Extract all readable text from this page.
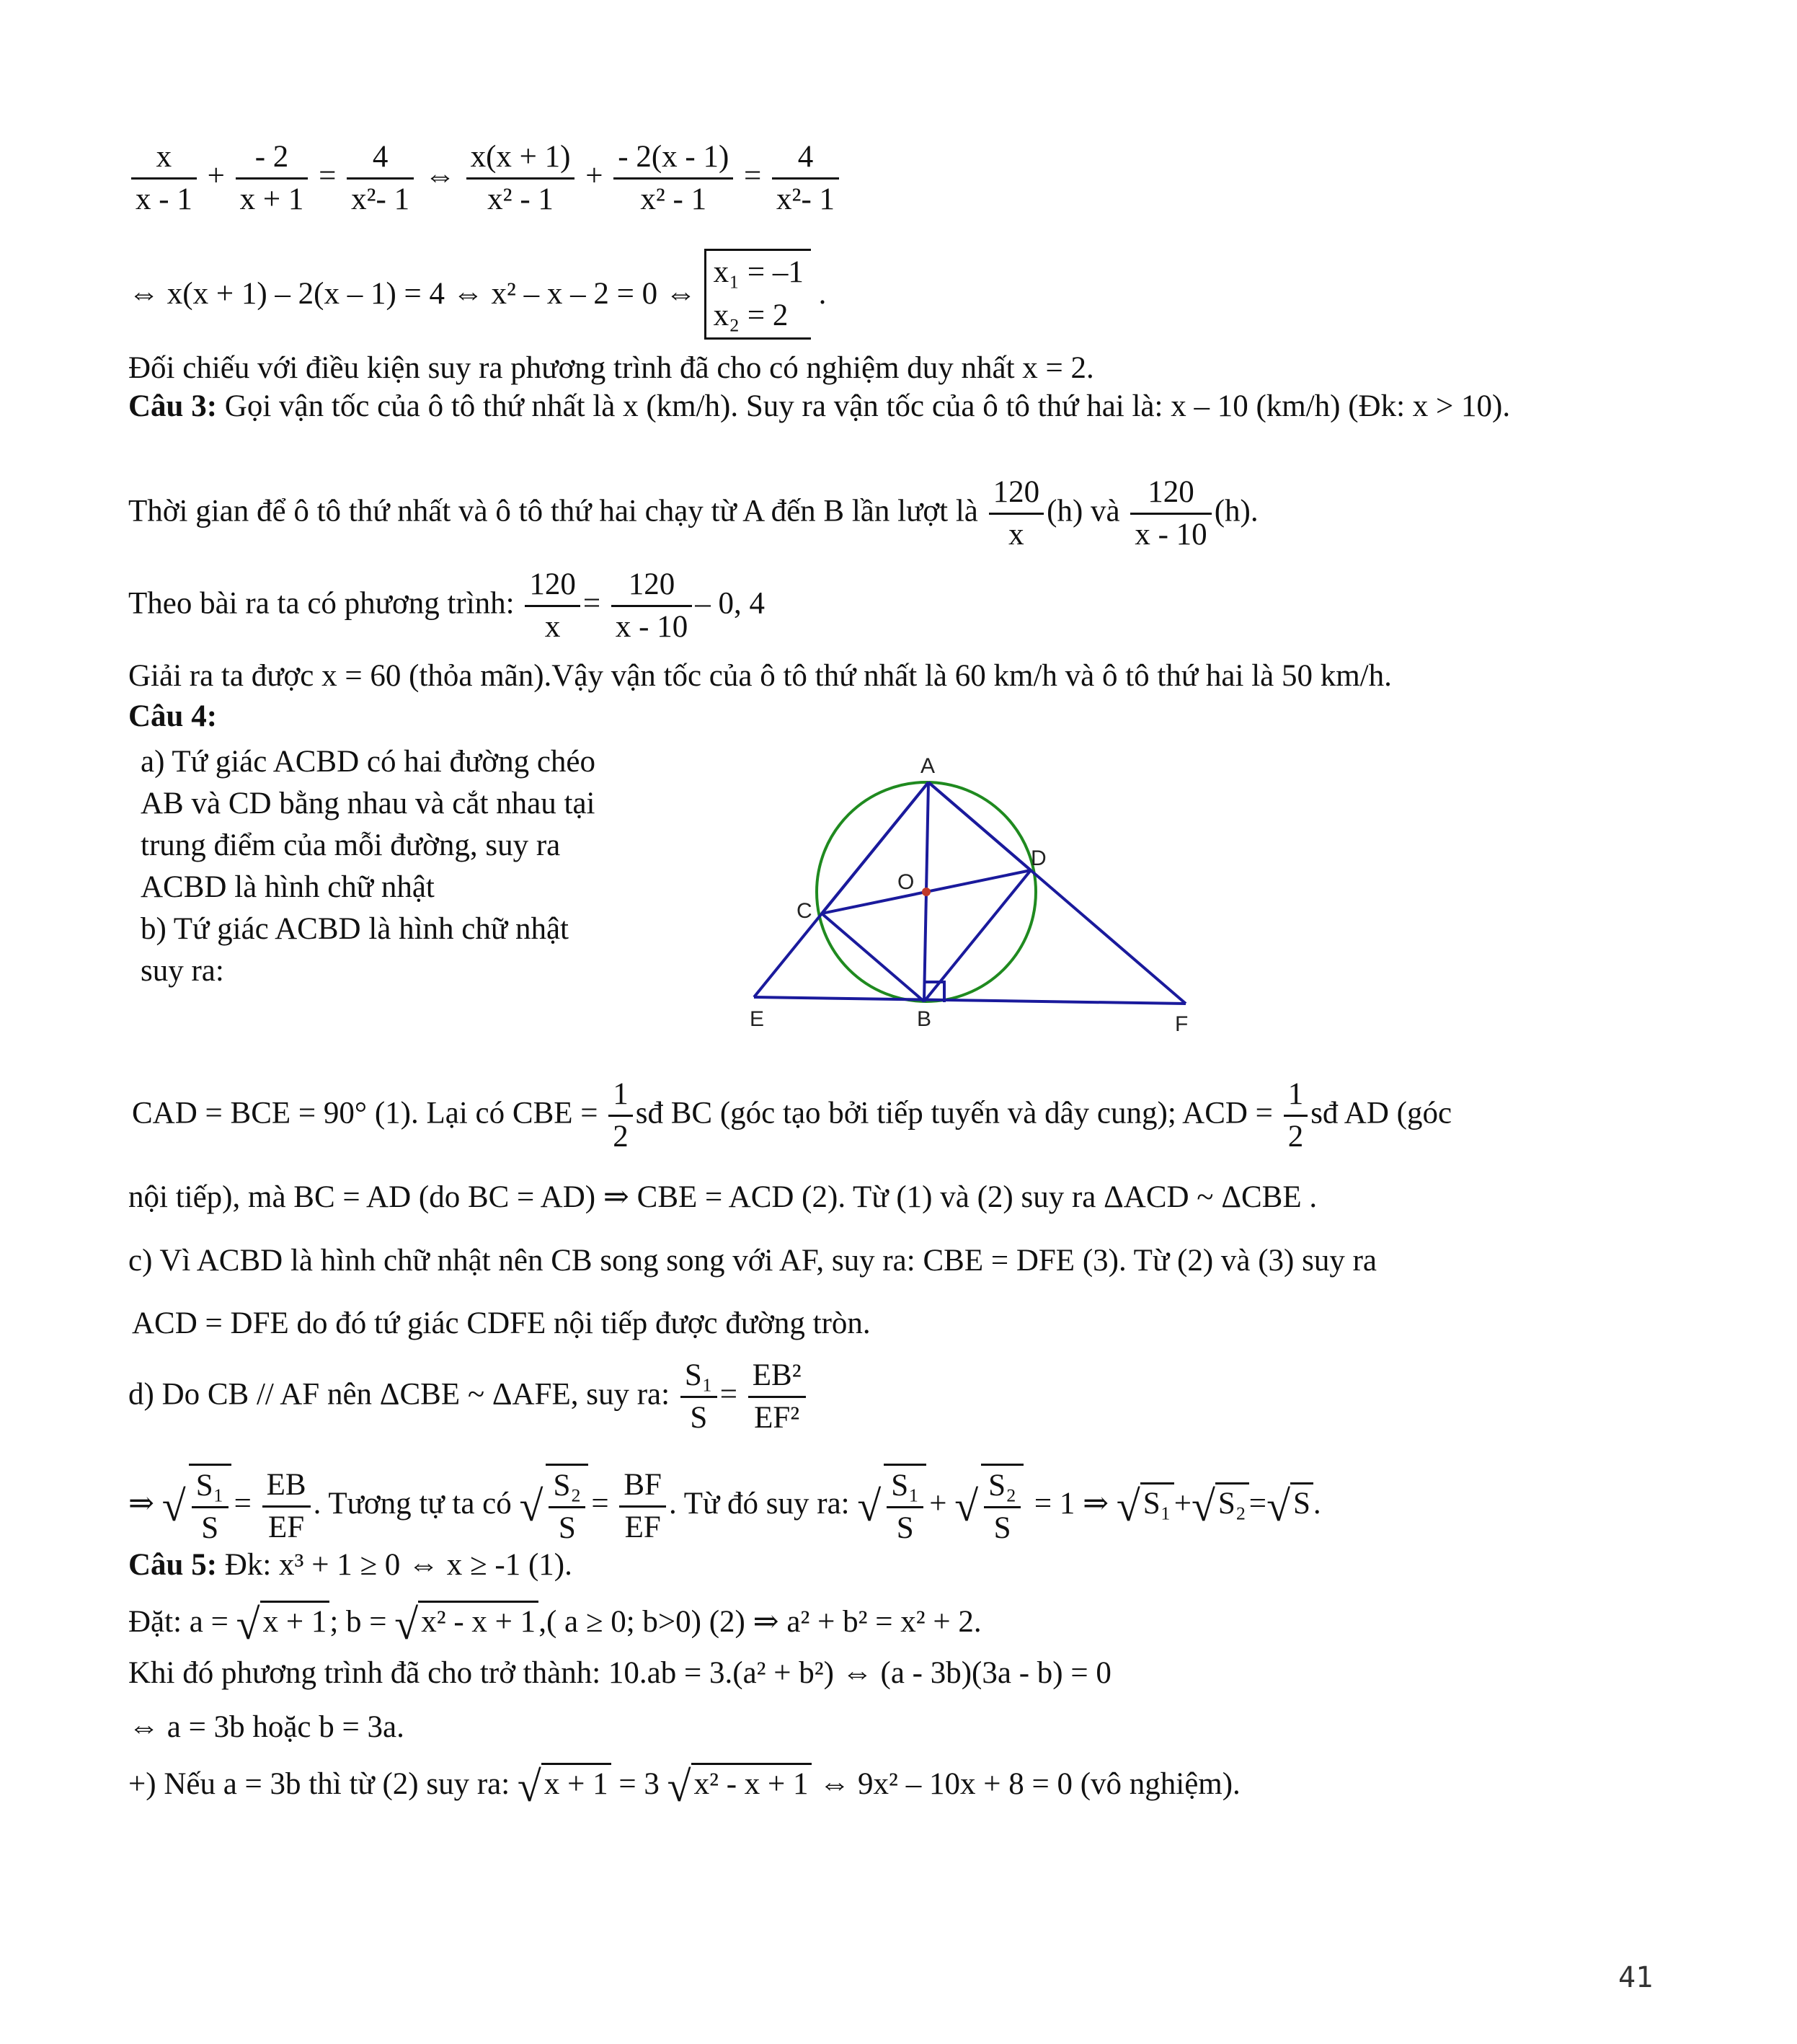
$\frac{x}{x - 1} + \frac{- 2}{x + 1} = \frac{4}{\text{x²- 1}}$ ⇔ $\frac{x(x + 1)}{\text{x² - 1}} + \frac{- 2(x - 1)}{\text{x² - 1}} = \frac{4}{\text{x²- 1}}$
⇔ x(x + 1) – 2(x – 1) = 4 ⇔ x² – x – 2 = 0 ⇔
x₁ = –1
x₂ = 2
.
Đối chiếu với điều kiện suy ra phương trình đã cho có nghiệm duy nhất x = 2.
Câu 3: Gọi vận tốc của ô tô thứ nhất là x (km/h). Suy ra vận tốc của ô tô thứ hai là: x – 10 (km/h) (Đk: x > 10).
Thời gian để ô tô thứ nhất và ô tô thứ hai chạy từ A đến B lần lượt là $\frac{120}{x} (h)$ và $\frac{120}{x - 10} (h)$.
Theo bài ra ta có phương trình: $\frac{120}{x} = \frac{120}{x - 10} - 0$, 4
Giải ra ta được x = 60 (thỏa mãn).Vậy vận tốc của ô tô thứ nhất là 60 km/h và ô tô thứ hai là 50 km/h.
Câu 4:
a) Tứ giác ACBD có hai đường chéo
AB và CD bằng nhau và cắt nhau tại
trung điểm của mỗi đường, suy ra
ACBD là hình chữ nhật
b) Tứ giác ACBD là hình chữ nhật
suy ra:
A
D
O
C
E	B	F
CAD = BCE = 90° (1). Lại có CBE = $\frac{1}{2}$ sđ BC (góc tạo bởi tiếp tuyến và dây cung); ACD = $\frac{1}{2}$ sđ AD (góc
nội tiếp), mà BC = AD (do BC = AD) ⇒ CBE = ACD (2). Từ (1) và (2) suy ra ΔACD ~ ΔCBE .
c) Vì ACBD là hình chữ nhật nên CB song song với AF, suy ra: CBE = DFE (3). Từ (2) và (3) suy ra
ACD = DFE do đó tứ giác CDFE nội tiếp được đường tròn.
d) Do CB // AF nên ΔCBE ~ ΔAFE, suy ra: $\frac{\text{S₁}}{S} = \frac{\text{EB²}}{\text{EF²}}$
⇒ √ $\frac{\text{S₁}}{S} = \frac{EB}{EF}$ . Tương tự ta có √ $\frac{\text{S₂}}{S} = \frac{BF}{EF}$ . Từ đó suy ra: √ $\frac{\text{S₁}}{S}$ + √ $\frac{\text{S₂}}{S} = 1$ ⇒ √S₁+√S₂=√S.
Câu 5: Đk: x³ + 1 ≥ 0 ⇔ x ≥ -1 (1).
Đặt: a = √x + 1; b = √x² - x + 1,( a ≥ 0; b>0) (2) ⇒ a² + b² = x² + 2.
Khi đó phương trình đã cho trở thành: 10.ab = 3.(a² + b²) ⇔ (a - 3b)(3a - b) = 0
⇔ a = 3b hoặc b = 3a.
+) Nếu a = 3b thì từ (2) suy ra: √x + 1 = 3 √x² - x + 1 ⇔ 9x² – 10x + 8 = 0 (vô nghiệm).
41
